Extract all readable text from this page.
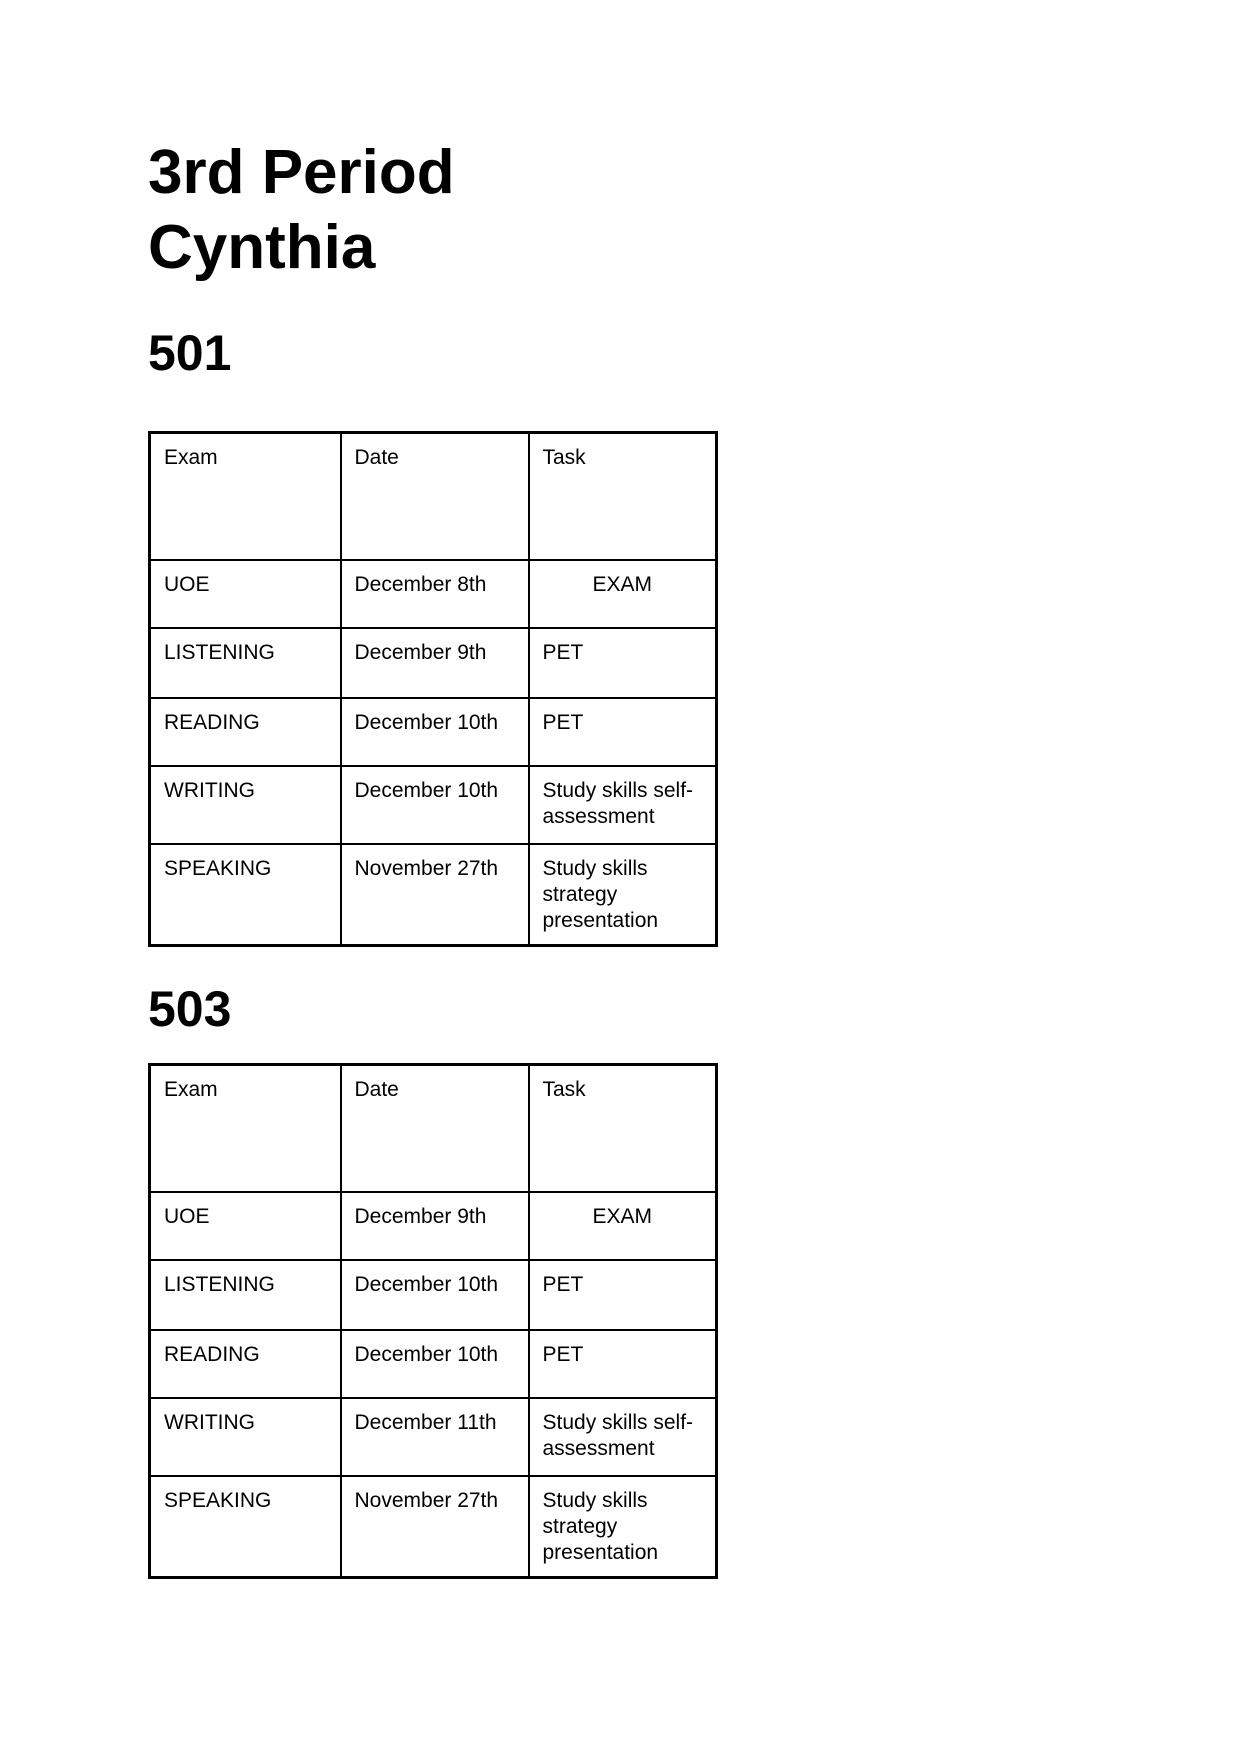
3rd Period
Cynthia
501
Exam	Date	Task
UOE	December 8th	EXAM
LISTENING	December 9th	PET
READING	December 10th	PET
WRITING	December 10th	Study skills self-assessment
SPEAKING	November 27th	Study skills strategy presentation
503
Exam	Date	Task
UOE	December 9th	EXAM
LISTENING	December 10th	PET
READING	December 10th	PET
WRITING	December 11th	Study skills self-assessment
SPEAKING	November 27th	Study skills strategy presentation
